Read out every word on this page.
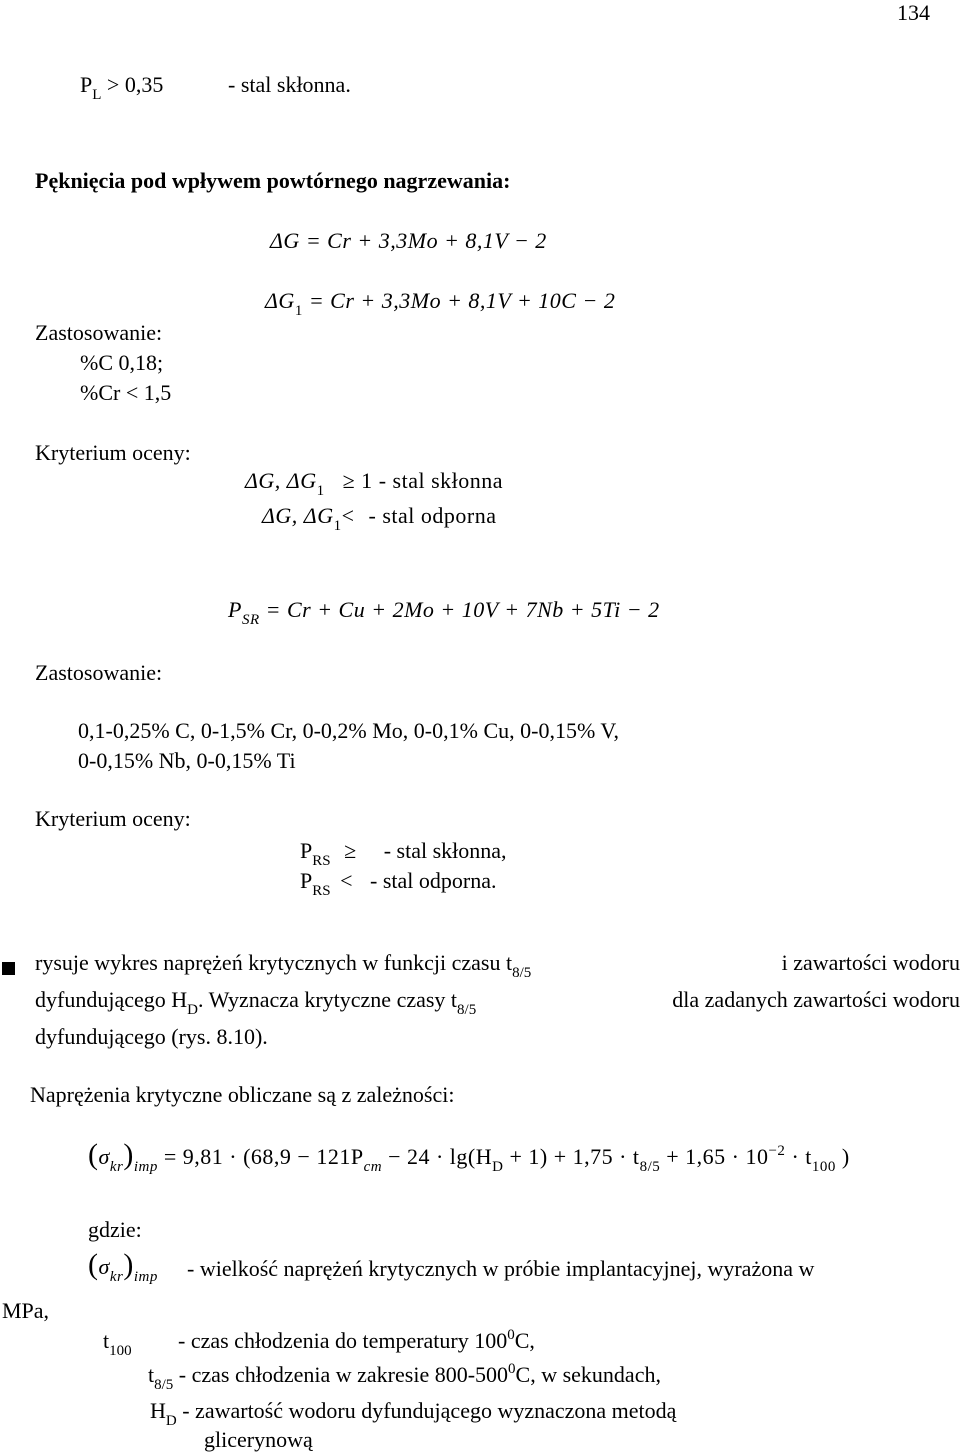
134
$P_L > 0,35$	- stal skłonna.
Pęknięcia pod wpływem powtórnego nagrzewania:
ΔG = Cr + 3,3Mo + 8,1V − 2
$\Delta G_1 = Cr + 3,3Mo + 8,1V + 10C - 2$
Zastosowanie:
%C 0,18;
%Cr < 1,5
Kryterium oceny:
ΔG, $\Delta G_1 \ge 1$ - stal skłonna
ΔG, $\Delta G_1<$ - stal odporna
$P_{SR} = Cr + Cu + 2Mo + 10V + 7Nb + 5Ti - 2$
Zastosowanie:
0,1-0,25% C, 0-1,5% Cr, 0-0,2% Mo, 0-0,1% Cu, 0-0,15% V,
0-0,15% Nb, 0-0,15% Ti
Kryterium oceny:
$P_{RS}$ ≥ - stal skłonna,
$P_{RS}$ < - stal odporna.
rysuje wykres naprężeń krytycznych w funkcji czasu $t_{8/5}$	i zawartości wodoru
dyfundującego $H_D$. Wyznacza krytyczne czasy $t_{8/5}$	dla zadanych zawartości wodoru
dyfundującego (rys. 8.10).
Naprężenia krytyczne obliczane są z zależności:
$(\sigma_{kr})_{imp} = 9,81 \cdot (68,9 - 121P_{cm} - 24 \cdot \lg(H_D + 1) + 1,75 \cdot t_{8/5} + 1,65 \cdot 10^{-2} \cdot t_{100}$ )
gdzie:
$(\sigma_{kr})_{imp}$ - wielkość naprężeń krytycznych w próbie implantacyjnej, wyrażona w
MPa,
$t_{100}$ - czas chłodzenia do temperatury $100^0C$,
$t_{8/5}$ - czas chłodzenia w zakresie $800-500^0C$, w sekundach,
$H_D$ - zawartość wodoru dyfundującego wyznaczona metodą
glicerynową
